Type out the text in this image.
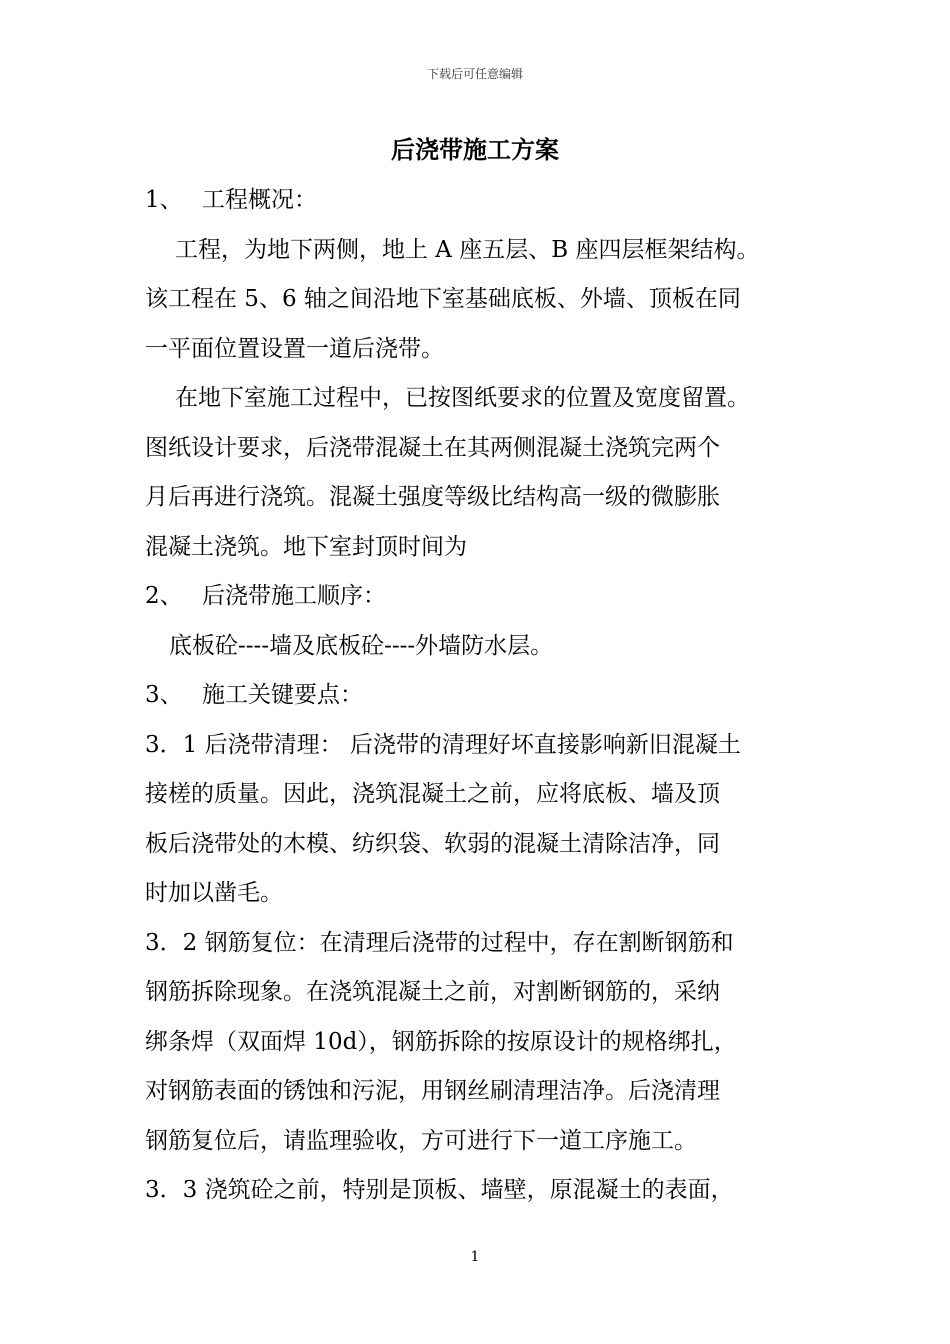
下载后可任意编辑
后浇带施工方案
1、 工程概况：
工程，为地下两侧，地上 A 座五层、B 座四层框架结构。
该工程在 5、6 轴之间沿地下室基础底板、外墙、顶板在同
一平面位置设置一道后浇带。
在地下室施工过程中，已按图纸要求的位置及宽度留置。
图纸设计要求，后浇带混凝土在其两侧混凝土浇筑完两个
月后再进行浇筑。混凝土强度等级比结构高一级的微膨胀
混凝土浇筑。地下室封顶时间为
2、 后浇带施工顺序：
底板砼----墙及底板砼----外墙防水层。
3、 施工关键要点：
3．1 后浇带清理： 后浇带的清理好坏直接影响新旧混凝土
接槎的质量。因此，浇筑混凝土之前，应将底板、墙及顶
板后浇带处的木模、纺织袋、软弱的混凝土清除洁净，同
时加以凿毛。
3．2 钢筋复位：在清理后浇带的过程中，存在割断钢筋和
钢筋拆除现象。在浇筑混凝土之前，对割断钢筋的，采纳
绑条焊（双面焊 10d），钢筋拆除的按原设计的规格绑扎，
对钢筋表面的锈蚀和污泥，用钢丝刷清理洁净。后浇清理
钢筋复位后，请监理验收，方可进行下一道工序施工。
3．3 浇筑砼之前，特别是顶板、墙壁，原混凝土的表面，
1
